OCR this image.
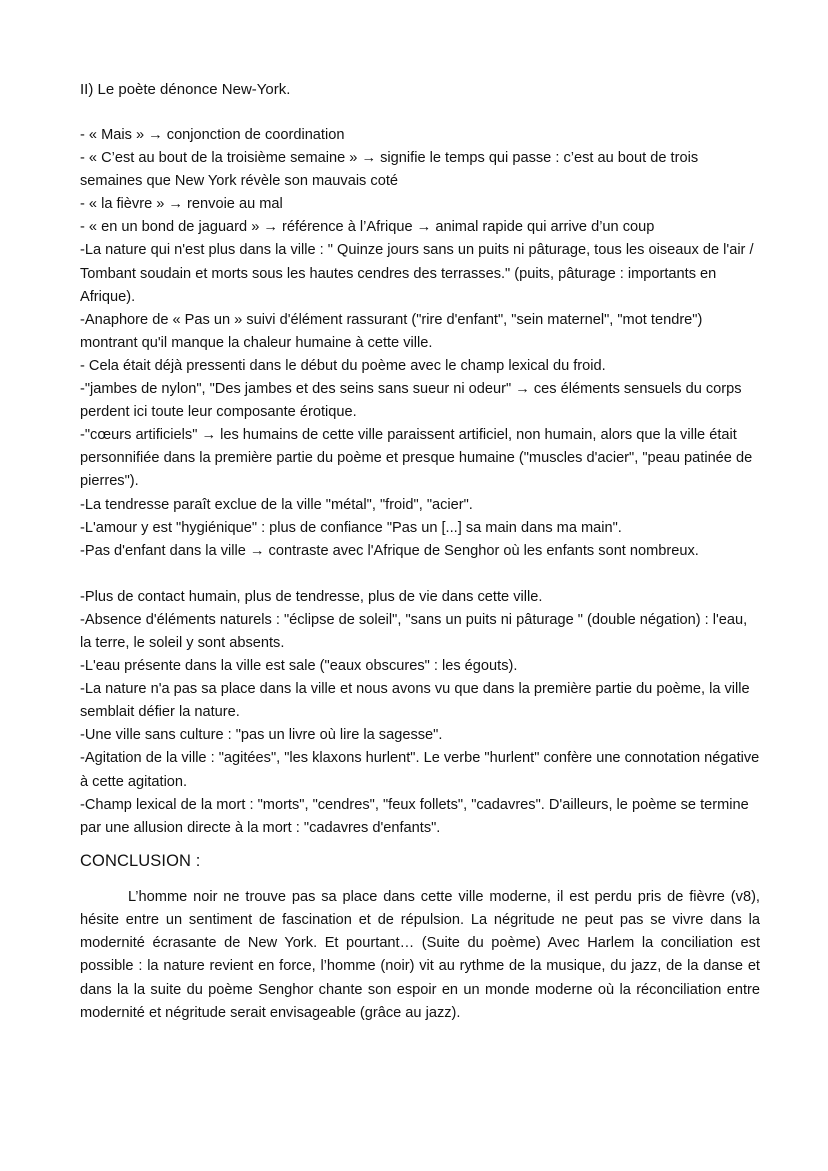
II) Le poète dénonce New-York.

- « Mais » → conjonction de coordination

- « C’est au bout de la troisième semaine » → signifie le temps qui passe : c’est au bout de trois semaines que New York révèle son mauvais coté

- « la fièvre » → renvoie au mal

- « en un bond de jaguard » → référence à l’Afrique → animal rapide qui arrive d’un coup

-La nature qui n'est plus dans la ville : " Quinze jours sans un puits ni pâturage, tous les oiseaux de l'air / Tombant soudain et morts sous les hautes cendres des terrasses." (puits, pâturage : importants en Afrique).

-Anaphore de « Pas un » suivi d'élément rassurant ("rire d'enfant", "sein maternel", "mot tendre") montrant qu'il manque la chaleur humaine à cette ville.

- Cela était déjà pressenti dans le début du poème avec le champ lexical du froid.

-"jambes de nylon", "Des jambes et des seins sans sueur ni odeur" → ces éléments sensuels du corps perdent ici toute leur composante érotique.

-"cœurs artificiels" → les humains de cette ville paraissent artificiel, non humain, alors que la ville était personnifiée dans la première partie du poème et presque humaine ("muscles d'acier", "peau patinée de pierres").

-La tendresse paraît exclue de la ville "métal", "froid", "acier".

-L'amour y est "hygiénique" : plus de confiance "Pas un [...] sa main dans ma main".

-Pas d'enfant dans la ville → contraste avec l'Afrique de Senghor où les enfants sont nombreux.

-Plus de contact humain, plus de tendresse, plus de vie dans cette ville.

-Absence d'éléments naturels : "éclipse de soleil", "sans un puits ni pâturage " (double négation) : l'eau, la terre, le soleil y sont absents.

-L'eau présente dans la ville est sale ("eaux obscures" : les égouts).

-La nature n'a pas sa place dans la ville et nous avons vu que dans la première partie du poème, la ville semblait défier la nature.

-Une ville sans culture : "pas un livre où lire la sagesse".

-Agitation de la ville : "agitées", "les klaxons hurlent". Le verbe "hurlent" confère une connotation négative à cette agitation.

-Champ lexical de la mort : "morts", "cendres", "feux follets", "cadavres". D'ailleurs, le poème se termine par une allusion directe à la mort : "cadavres d'enfants".

CONCLUSION :

L’homme noir ne trouve pas sa place dans cette ville moderne, il est perdu pris de fièvre (v8), hésite entre un sentiment de fascination et de répulsion. La négritude ne peut pas se vivre dans la modernité écrasante de New York. Et pourtant… (Suite du poème) Avec Harlem la conciliation est possible : la nature revient en force, l’homme (noir) vit au rythme de la musique, du jazz, de la danse et dans la la suite du poème Senghor chante son espoir en un monde moderne où la réconciliation entre modernité et négritude serait envisageable (grâce au jazz).
